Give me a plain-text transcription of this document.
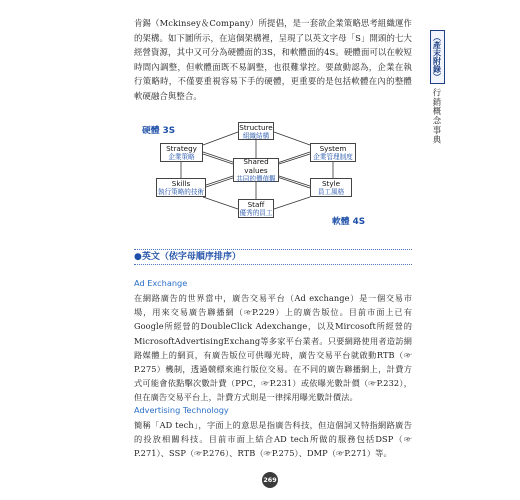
肯錫（Mckinsey＆Company）所提倡，是一套欲企業策略思考組織運作的架構。如下圖所示，在這個架構裡，呈現了以英文字母「S」開頭的七大經營資源，其中又可分為硬體面的3S，和軟體面的4S。硬體面可以在較短時間內調整，但軟體面既不易調整，也很難掌控。要啟動認為，企業在執行策略時，不僅要重視容易下手的硬體，更重要的是包括軟體在內的整體軟硬融合與整合。

（產末附錄）
行銷概念事典
Structure
組織結構
Strategy
企業策略
System
企業管理制度
Shared values
共同的價值觀
Skills
執行策略的技術
Style
員工風格
Staff
優秀的員工
硬體 3S
軟體 4S
●英文（依字母順序排序）
Ad Exchange

在網路廣告的世界當中，廣告交易平台（Ad exchange）是一個交易市場，用來交易廣告聯播網（☞P.229）上的廣告版位。目前市面上已有Google所經營的DoubleClick Adexchange，以及Mircosoft所經營的MicrosoftAdvertisingExchang等多家平台業者。只要網路使用者造訪網路媒體上的網頁，有廣告版位可供曝光時，廣告交易平台就啟動RTB（☞P.275）機制，透過競標來進行版位交易。在不同的廣告聯播網上，計費方式可能會依點擊次數計費（PPC，☞P.231）或依曝光數計價（☞P.232），但在廣告交易平台上，計費方式則是一律採用曝光數計價法。

Advertising Technology

簡稱「AD tech」，字面上的意思是指廣告科技，但這個詞又特指網路廣告的投放相關科技。目前市面上結合AD tech所做的服務包括DSP（☞P.271）、SSP（☞P.276）、RTB（☞P.275）、DMP（☞P.271）等。

269
